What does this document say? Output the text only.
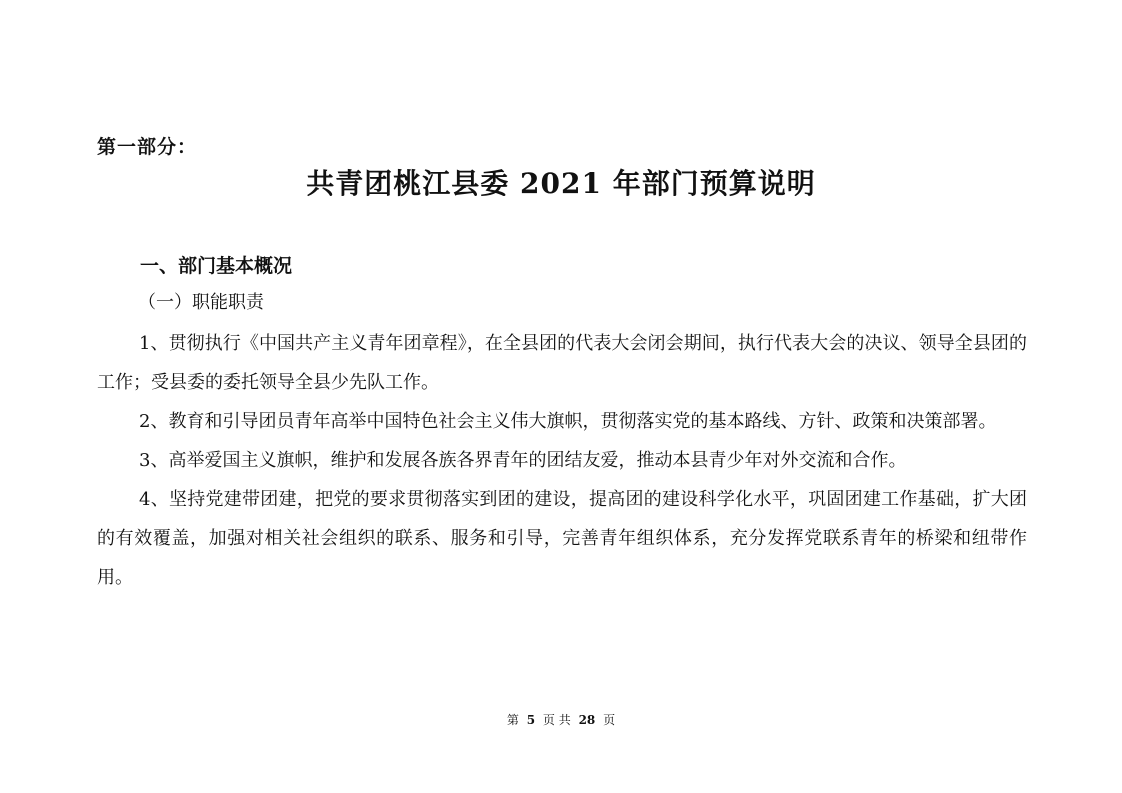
第一部分：
共青团桃江县委 2021 年部门预算说明
一、部门基本概况
（一）职能职责

1、贯彻执行《中国共产主义青年团章程》，在全县团的代表大会闭会期间，执行代表大会的决议、领导全县团的工作；受县委的委托领导全县少先队工作。

2、教育和引导团员青年高举中国特色社会主义伟大旗帜，贯彻落实党的基本路线、方针、政策和决策部署。

3、高举爱国主义旗帜，维护和发展各族各界青年的团结友爱，推动本县青少年对外交流和合作。

4、坚持党建带团建，把党的要求贯彻落实到团的建设，提高团的建设科学化水平，巩固团建工作基础，扩大团的有效覆盖，加强对相关社会组织的联系、服务和引导，完善青年组织体系，充分发挥党联系青年的桥梁和纽带作用。

第 5 页 共 28 页
